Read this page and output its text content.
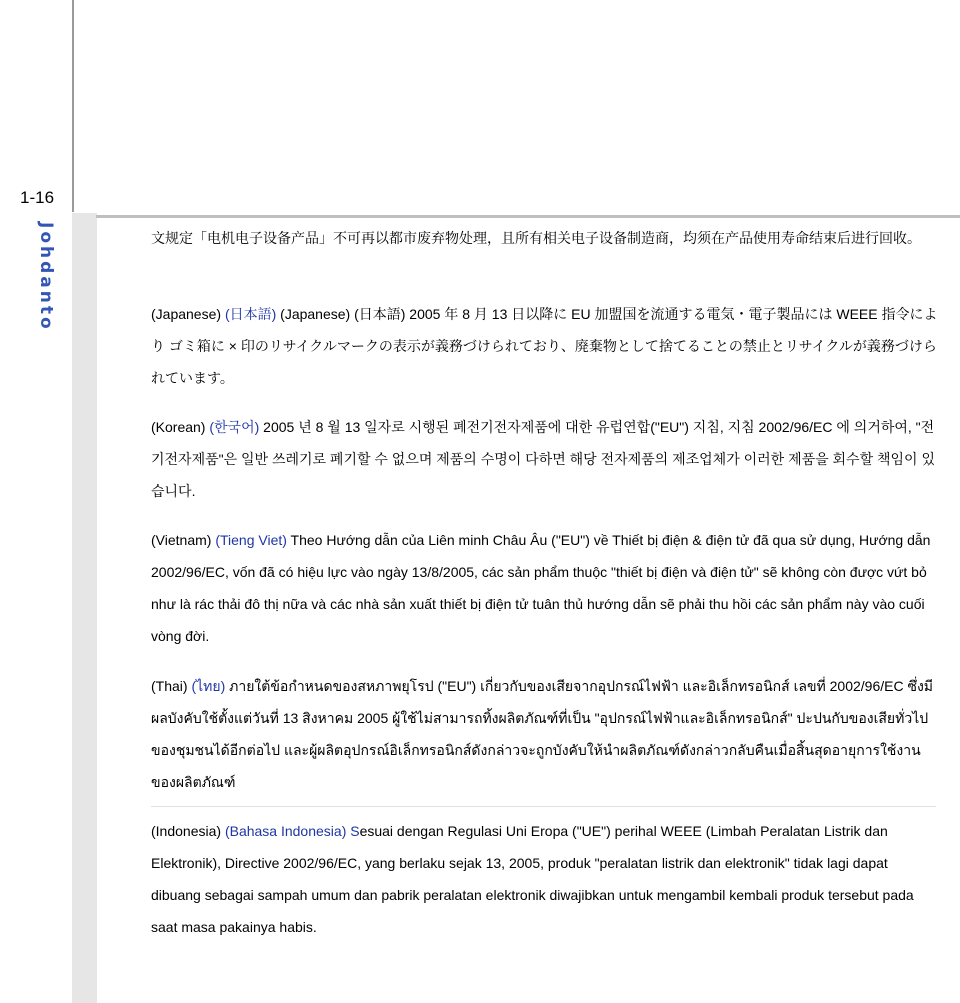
1-16
Johdanto	文规定「电机电子设备产品」不可再以都市废弃物处理，且所有相关电子设备制造商，均须在产品使用寿命结束后进行回收。

(Japanese) (日本語) (Japanese) (日本語) 2005 年 8 月 13 日以降に EU 加盟国を流通する電気・電子製品には WEEE 指令により ゴミ箱に × 印のリサイクルマークの表示が義務づけられており、廃棄物として捨てることの禁止とリサイクルが義務づけられています。

(Korean) (한국어) 2005 년 8 월 13 일자로 시행된 폐전기전자제품에 대한 유럽연합("EU") 지침, 지침 2002/96/EC 에 의거하여, "전기전자제품"은 일반 쓰레기로 폐기할 수 없으며 제품의 수명이 다하면 해당 전자제품의 제조업체가 이러한 제품을 회수할 책임이 있습니다.

(Vietnam) (Tieng Viet) Theo Hướng dẫn của Liên minh Châu Âu ("EU") về Thiết bị điện & điện tử đã qua sử dụng, Hướng dẫn 2002/96/EC, vốn đã có hiệu lực vào ngày 13/8/2005, các sản phẩm thuộc "thiết bị điện và điện tử" sẽ không còn được vứt bỏ như là rác thải đô thị nữa và các nhà sản xuất thiết bị điện tử tuân thủ hướng dẫn sẽ phải thu hồi các sản phẩm này vào cuối vòng đời.

(Thai) (ไทย) ภายใต้ข้อกำหนดของสหภาพยุโรป ("EU") เกี่ยวกับของเสียจากอุปกรณ์ไฟฟ้า และอิเล็กทรอนิกส์ เลขที่ 2002/96/EC ซึ่งมีผลบังคับใช้ตั้งแต่วันที่ 13 สิงหาคม 2005 ผู้ใช้ไม่สามารถทิ้งผลิตภัณฑ์ที่เป็น "อุปกรณ์ไฟฟ้าและอิเล็กทรอนิกส์" ปะปนกับของเสียทั่วไปของชุมชนได้อีกต่อไป และผู้ผลิตอุปกรณ์อิเล็กทรอนิกส์ดังกล่าวจะถูกบังคับให้นำผลิตภัณฑ์ดังกล่าวกลับคืนเมื่อสิ้นสุดอายุการใช้งานของผลิตภัณฑ์

(Indonesia) (Bahasa Indonesia) Sesuai dengan Regulasi Uni Eropa ("UE") perihal WEEE (Limbah Peralatan Listrik dan Elektronik), Directive 2002/96/EC, yang berlaku sejak 13, 2005, produk "peralatan listrik dan elektronik" tidak lagi dapat dibuang sebagai sampah umum dan pabrik peralatan elektronik diwajibkan untuk mengambil kembali produk tersebut pada saat masa pakainya habis.
